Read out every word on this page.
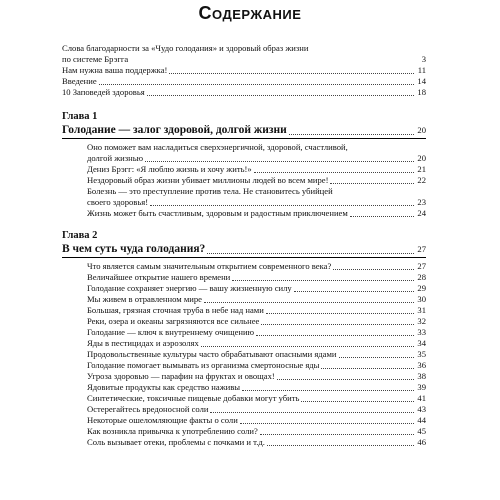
Содержание
Слова благодарности за «Чудо голодания» и здоровый образ жизни
по системе Брэгга	3
Нам нужна ваша поддержка!	11
Введение	14
10 Заповедей здоровья	18
Глава 1
Голодание — залог здоровой, долгой жизни	20
Оно поможет вам насладиться сверхэнергичной, здоровой, счастливой,
долгой жизнью	20
Дениз Брэгг: «Я люблю жизнь и хочу жить!»	21
Нездоровый образ жизни убивает миллионы людей во всем мире!	22
Болезнь — это преступление против тела. Не становитесь убийцей
своего здоровья!	23
Жизнь может быть счастливым, здоровым и радостным приключением	24
Глава 2
В чем суть чуда голодания?	27
Что является самым значительным открытием современного века?	27
Величайшее открытие нашего времени	28
Голодание сохраняет энергию — вашу жизненную силу	29
Мы живем в отравленном мире	30
Большая, грязная сточная труба в небе над нами	31
Реки, озера и океаны загрязняются все сильнее	32
Голодание — ключ к внутреннему очищению	33
Яды в пестицидах и аэрозолях	34
Продовольственные культуры часто обрабатывают опасными ядами	35
Голодание помогает вымывать из организма смертоносные яды	36
Угроза здоровью — парафин на фруктах и овощах!	38
Ядовитые продукты как средство наживы	39
Синтетические, токсичные пищевые добавки могут убить	41
Остерегайтесь вредоносной соли	43
Некоторые ошеломляющие факты о соли	44
Как возникла привычка к употреблению соли?	45
Соль вызывает отеки, проблемы с почками и т.д.	46
